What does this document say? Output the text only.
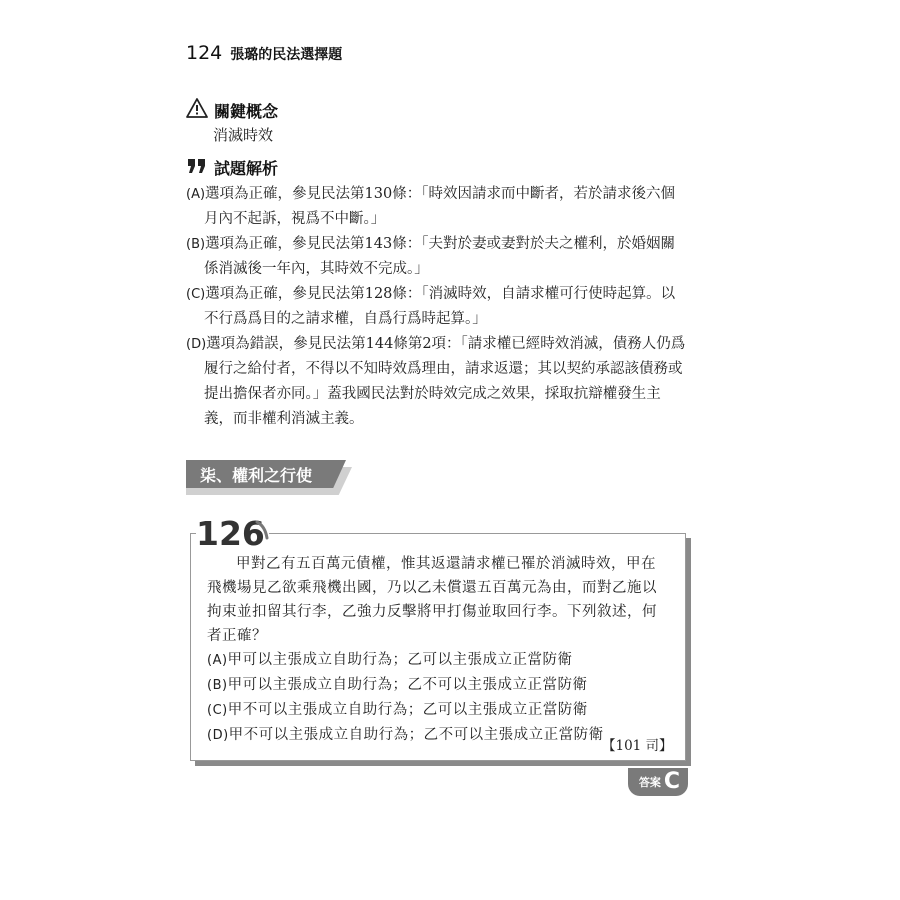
124 張璐的民法選擇題
關鍵概念
消滅時效
試題解析

(A)選項為正確，參見民法第130條：「時效因請求而中斷者，若於請求後六個月內不起訴，視爲不中斷。」

(B)選項為正確，參見民法第143條：「夫對於妻或妻對於夫之權利，於婚姻關係消滅後一年內，其時效不完成。」

(C)選項為正確，參見民法第128條：「消滅時效，自請求權可行使時起算。以不行爲爲目的之請求權，自爲行爲時起算。」

(D)選項為錯誤，參見民法第144條第2項：「請求權已經時效消滅，債務人仍爲履行之給付者，不得以不知時效爲理由，請求返還；其以契約承認該債務或提出擔保者亦同。」蓋我國民法對於時效完成之效果，採取抗辯權發生主義，而非權利消滅主義。

柒、權利之行使
126

甲對乙有五百萬元債權，惟其返還請求權已罹於消滅時效，甲在飛機場見乙欲乘飛機出國，乃以乙未償還五百萬元為由，而對乙施以拘束並扣留其行李，乙強力反擊將甲打傷並取回行李。下列敘述，何者正確？

(A)甲可以主張成立自助行為；乙可以主張成立正當防衛

(B)甲可以主張成立自助行為；乙不可以主張成立正當防衛

(C)甲不可以主張成立自助行為；乙可以主張成立正當防衛

(D)甲不可以主張成立自助行為；乙不可以主張成立正當防衛

【101 司】
答案 C
